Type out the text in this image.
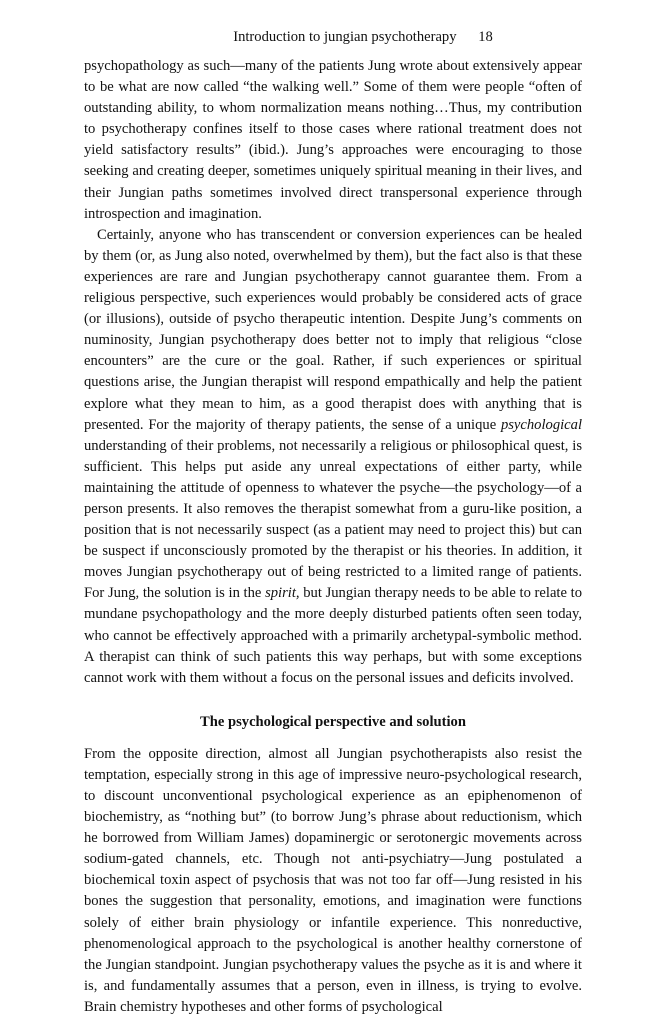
Introduction to jungian psychotherapy 18

psychopathology as such—many of the patients Jung wrote about extensively appear to be what are now called “the walking well.” Some of them were people “often of outstanding ability, to whom normalization means nothing…Thus, my contribution to psychotherapy confines itself to those cases where rational treatment does not yield satisfactory results” (ibid.). Jung’s approaches were encouraging to those seeking and creating deeper, sometimes uniquely spiritual meaning in their lives, and their Jungian paths sometimes involved direct transpersonal experience through introspection and imagination.

Certainly, anyone who has transcendent or conversion experiences can be healed by them (or, as Jung also noted, overwhelmed by them), but the fact also is that these experiences are rare and Jungian psychotherapy cannot guarantee them. From a religious perspective, such experiences would probably be considered acts of grace (or illusions), outside of psycho therapeutic intention. Despite Jung’s comments on numinosity, Jungian psychotherapy does better not to imply that religious “close encounters” are the cure or the goal. Rather, if such experiences or spiritual questions arise, the Jungian therapist will respond empathically and help the patient explore what they mean to him, as a good therapist does with anything that is presented. For the majority of therapy patients, the sense of a unique psychological understanding of their problems, not necessarily a religious or philosophical quest, is sufficient. This helps put aside any unreal expectations of either party, while maintaining the attitude of openness to whatever the psyche—the psychology—of a person presents. It also removes the therapist somewhat from a guru-like position, a position that is not necessarily suspect (as a patient may need to project this) but can be suspect if unconsciously promoted by the therapist or his theories. In addition, it moves Jungian psychotherapy out of being restricted to a limited range of patients. For Jung, the solution is in the spirit, but Jungian therapy needs to be able to relate to mundane psychopathology and the more deeply disturbed patients often seen today, who cannot be effectively approached with a primarily archetypal-symbolic method. A therapist can think of such patients this way perhaps, but with some exceptions cannot work with them without a focus on the personal issues and deficits involved.

The psychological perspective and solution

From the opposite direction, almost all Jungian psychotherapists also resist the temptation, especially strong in this age of impressive neuro-psychological research, to discount unconventional psychological experience as an epiphenomenon of biochemistry, as “nothing but” (to borrow Jung’s phrase about reductionism, which he borrowed from William James) dopaminergic or serotonergic movements across sodium-gated channels, etc. Though not anti-psychiatry—Jung postulated a biochemical toxin aspect of psychosis that was not too far off—Jung resisted in his bones the suggestion that personality, emotions, and imagination were functions solely of either brain physiology or infantile experience. This nonreductive, phenomenological approach to the psychological is another healthy cornerstone of the Jungian standpoint. Jungian psychotherapy values the psyche as it is and where it is, and fundamentally assumes that a person, even in illness, is trying to evolve. Brain chemistry hypotheses and other forms of psychological
